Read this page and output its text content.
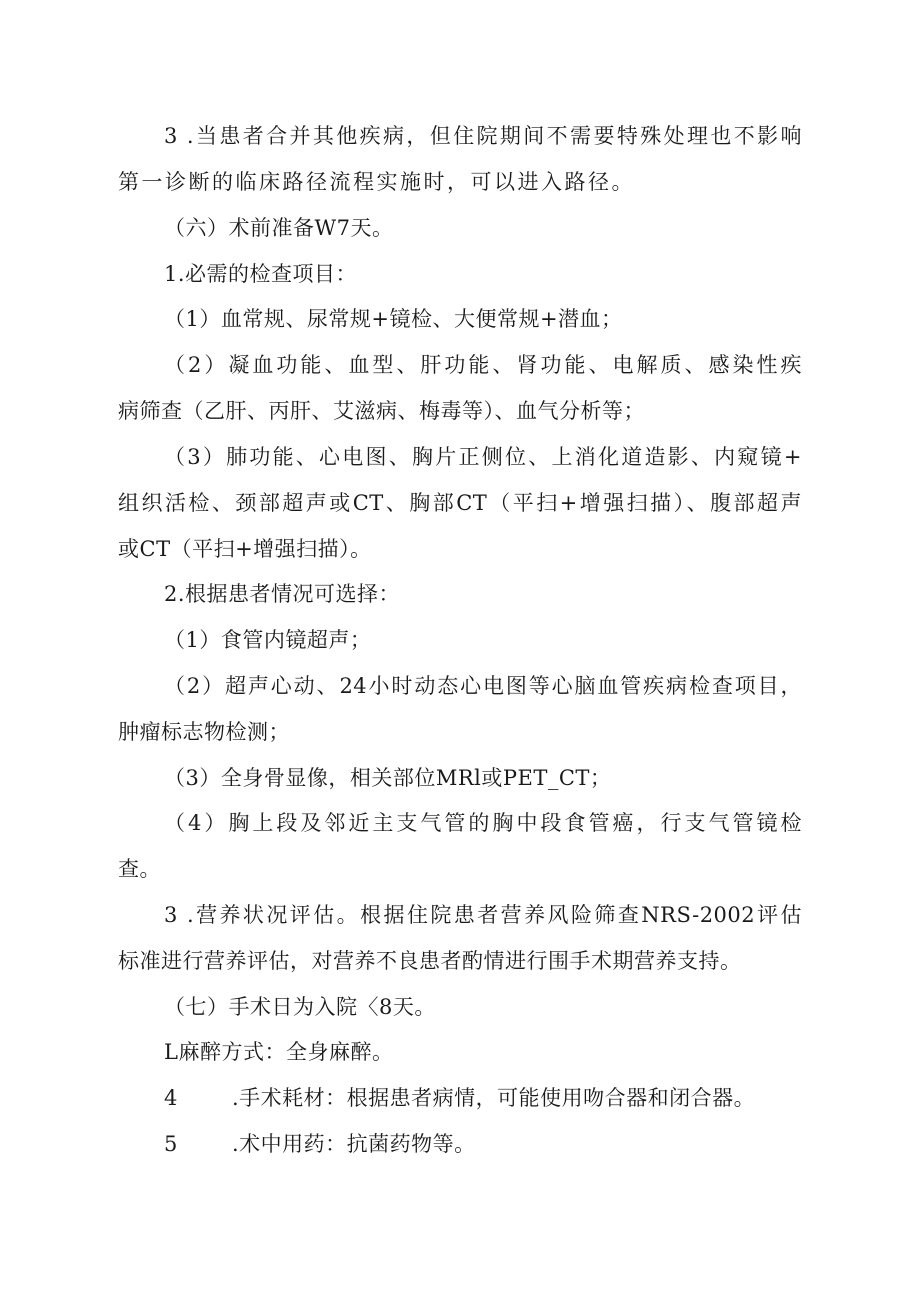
3 .当患者合并其他疾病，但住院期间不需要特殊处理也不影响
第一诊断的临床路径流程实施时，可以进入路径。
（六）术前准备W7天。
1.必需的检查项目：
（1）血常规、尿常规+镜检、大便常规+潜血；
（2）凝血功能、血型、肝功能、肾功能、电解质、感染性疾
病筛查（乙肝、丙肝、艾滋病、梅毒等）、血气分析等；
（3）肺功能、心电图、胸片正侧位、上消化道造影、内窥镜+
组织活检、颈部超声或CT、胸部CT（平扫+增强扫描）、腹部超声
或CT（平扫+增强扫描）。
2.根据患者情况可选择：
（1）食管内镜超声；
（2）超声心动、24小时动态心电图等心脑血管疾病检查项目，
肿瘤标志物检测；
（3）全身骨显像，相关部位MRl或PET_CT；
（4）胸上段及邻近主支气管的胸中段食管癌，行支气管镜检
查。
3 .营养状况评估。根据住院患者营养风险筛查NRS-2002评估
标准进行营养评估，对营养不良患者酌情进行围手术期营养支持。
（七）手术日为入院〈8天。
L麻醉方式：全身麻醉。
4	.手术耗材：根据患者病情，可能使用吻合器和闭合器。
5	.术中用药：抗菌药物等。
